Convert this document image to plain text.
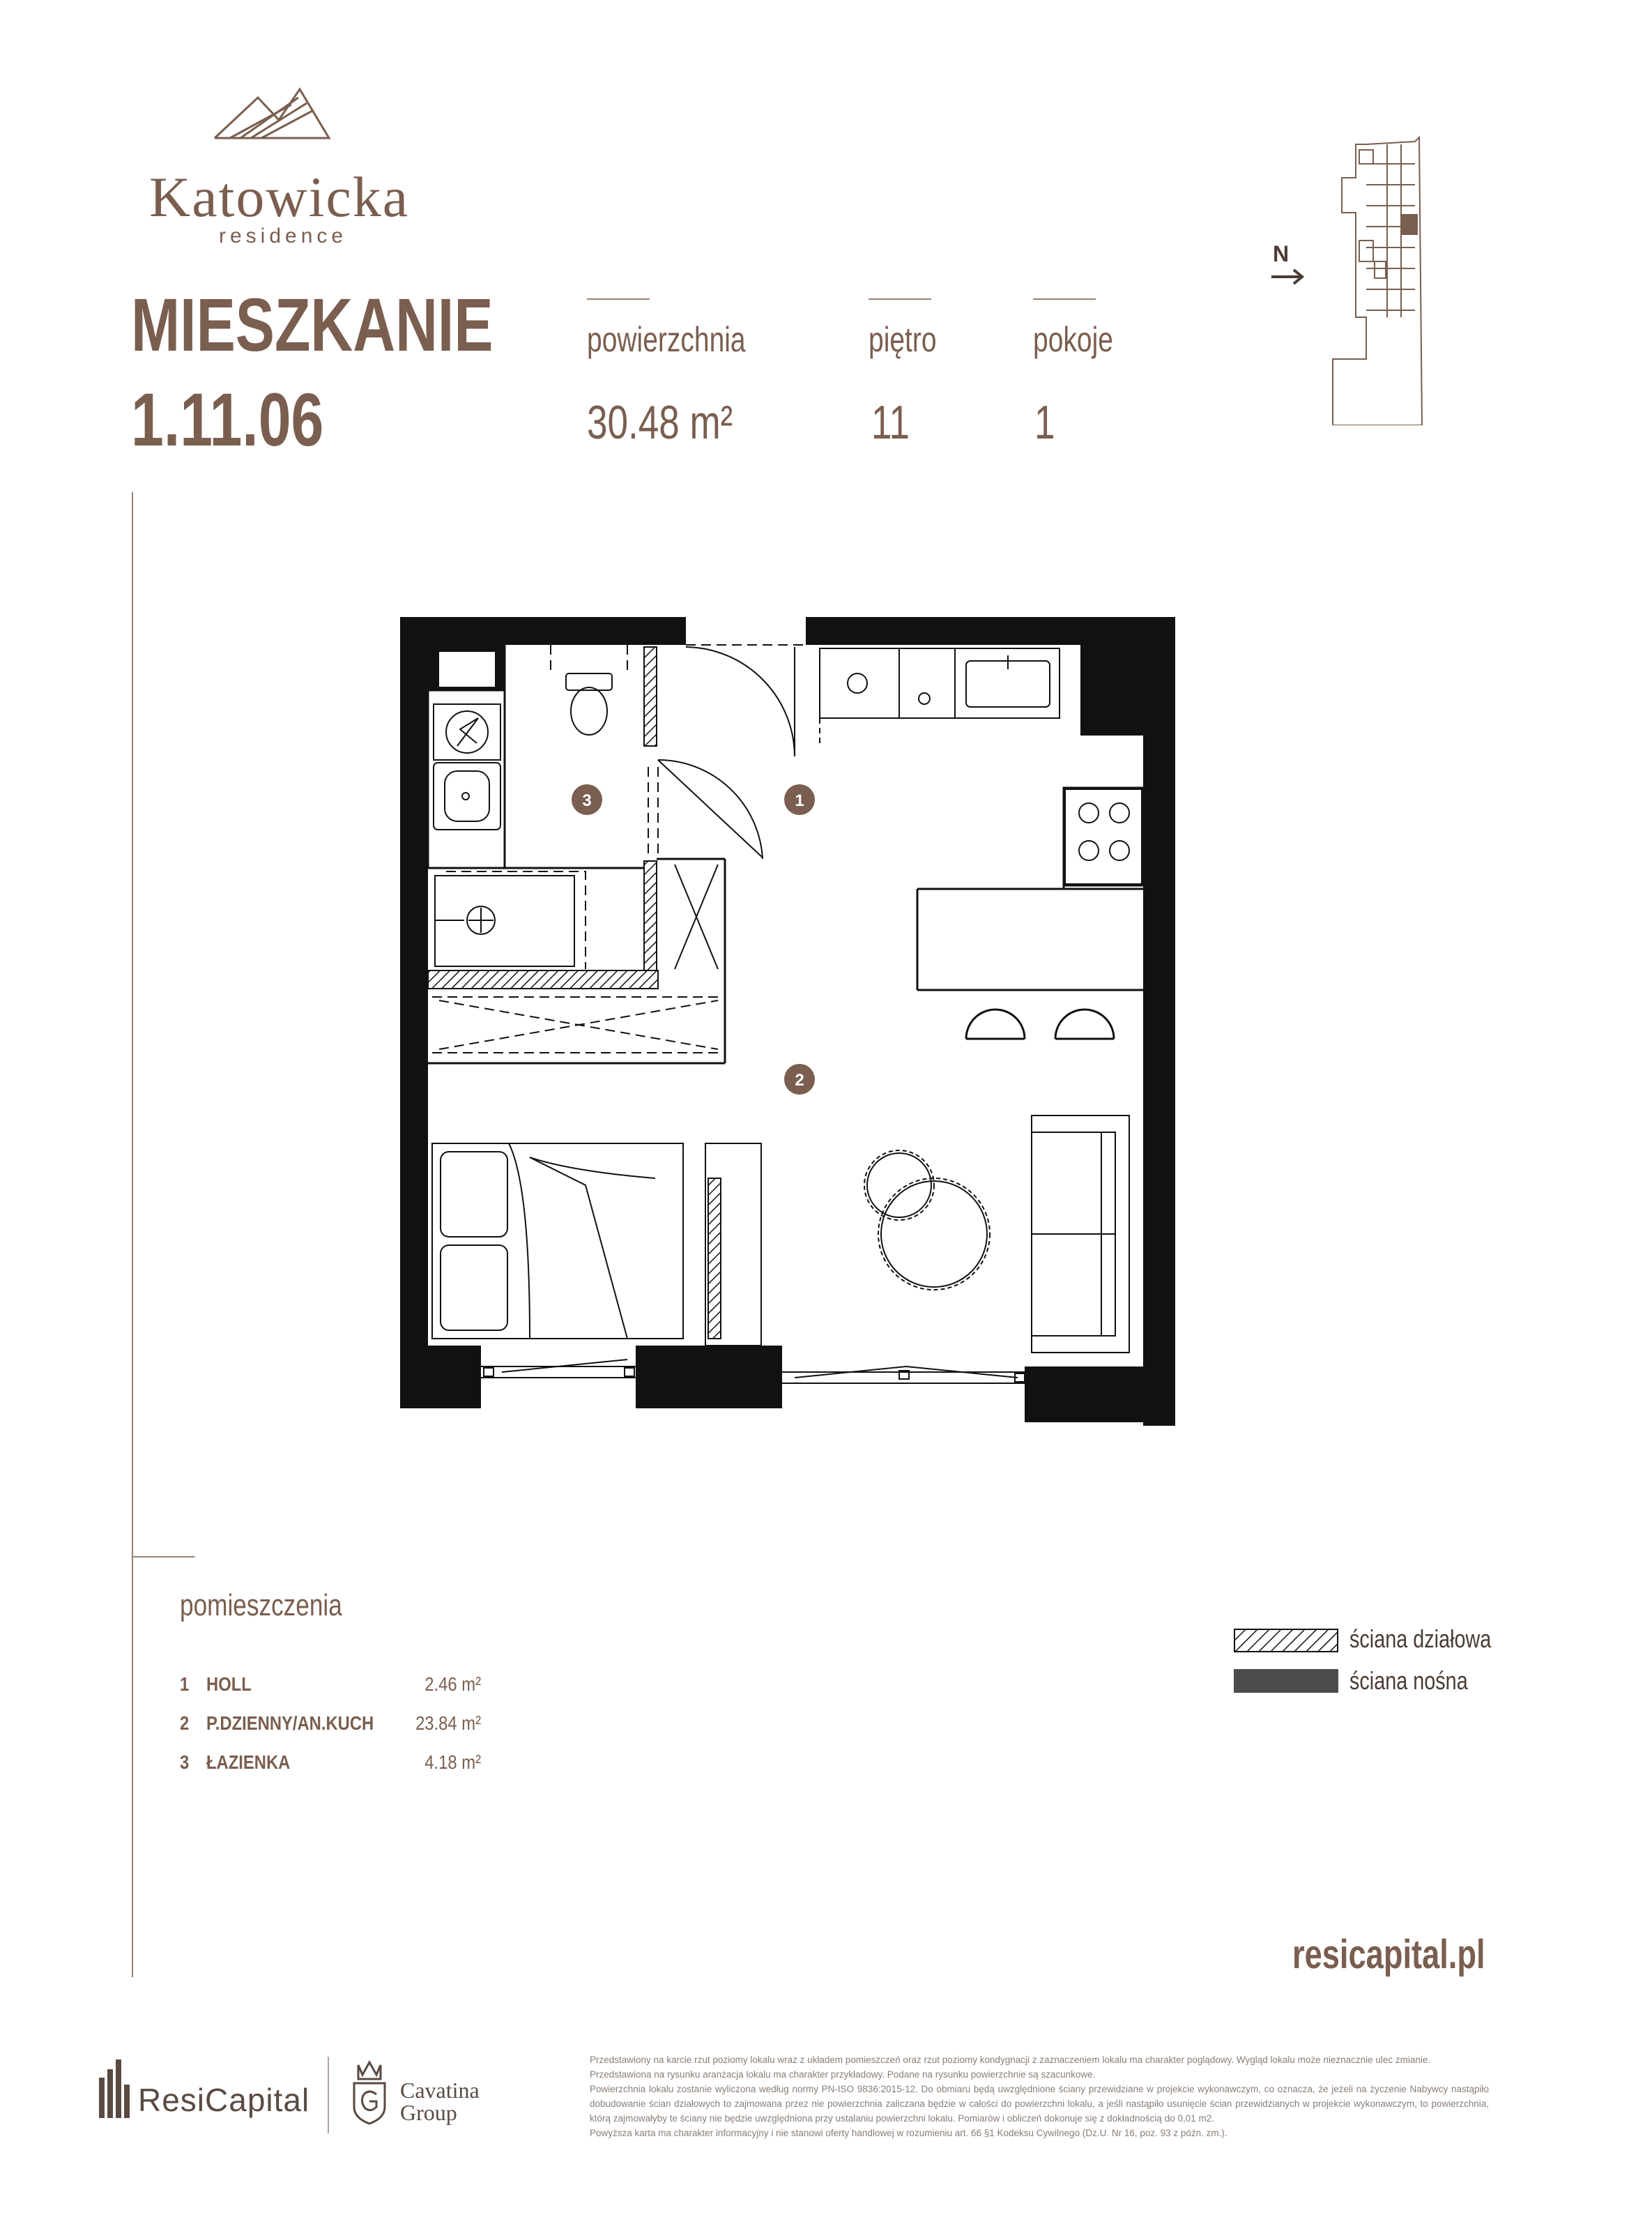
Katowicka
residence
MIESZKANIE
1.11.06
powierzchnia
30.48 m²
piętro
11
pokoje
1
N
1
2
3
pomieszczenia
1 HOLL	2.46 m²
2 P.DZIENNY/AN.KUCH	23.84 m²
3 ŁAZIENKA	4.18 m²
ściana działowa
ściana nośna
resicapital.pl
ResiCapital	Cavatina
Group
Przedstawiony na karcie rzut poziomy lokalu wraz z układem pomieszczeń oraz rzut poziomy kondygnacji z zaznaczeniem lokalu ma charakter poglądowy. Wygląd lokalu może nieznacznie ulec zmianie.
Przedstawiona na rysunku aranżacja lokalu ma charakter przykładowy. Podane na rysunku powierzchnie są szacunkowe.
Powierzchnia lokalu zostanie wyliczona według normy PN-ISO 9836:2015-12. Do obmiaru będą uwzględnione ściany przewidziane w projekcie wykonawczym, co oznacza, że jeżeli na życzenie Nabywcy nastąpiło dobudowanie ścian działowych to zajmowana przez nie powierzchnia zaliczana będzie w całości do powierzchni lokalu, a jeśli nastąpiło usunięcie ścian przewidzianych w projekcie wykonawczym, to powierzchnia, którą zajmowałyby te ściany nie będzie uwzględniona przy ustalaniu powierzchni lokalu. Pomiarów i obliczeń dokonuje się z dokładnością do 0,01 m2.
Powyższa karta ma charakter informacyjny i nie stanowi oferty handlowej w rozumieniu art. 66 §1 Kodeksu Cywilnego (Dz.U. Nr 16, poz. 93 z późn. zm.).
